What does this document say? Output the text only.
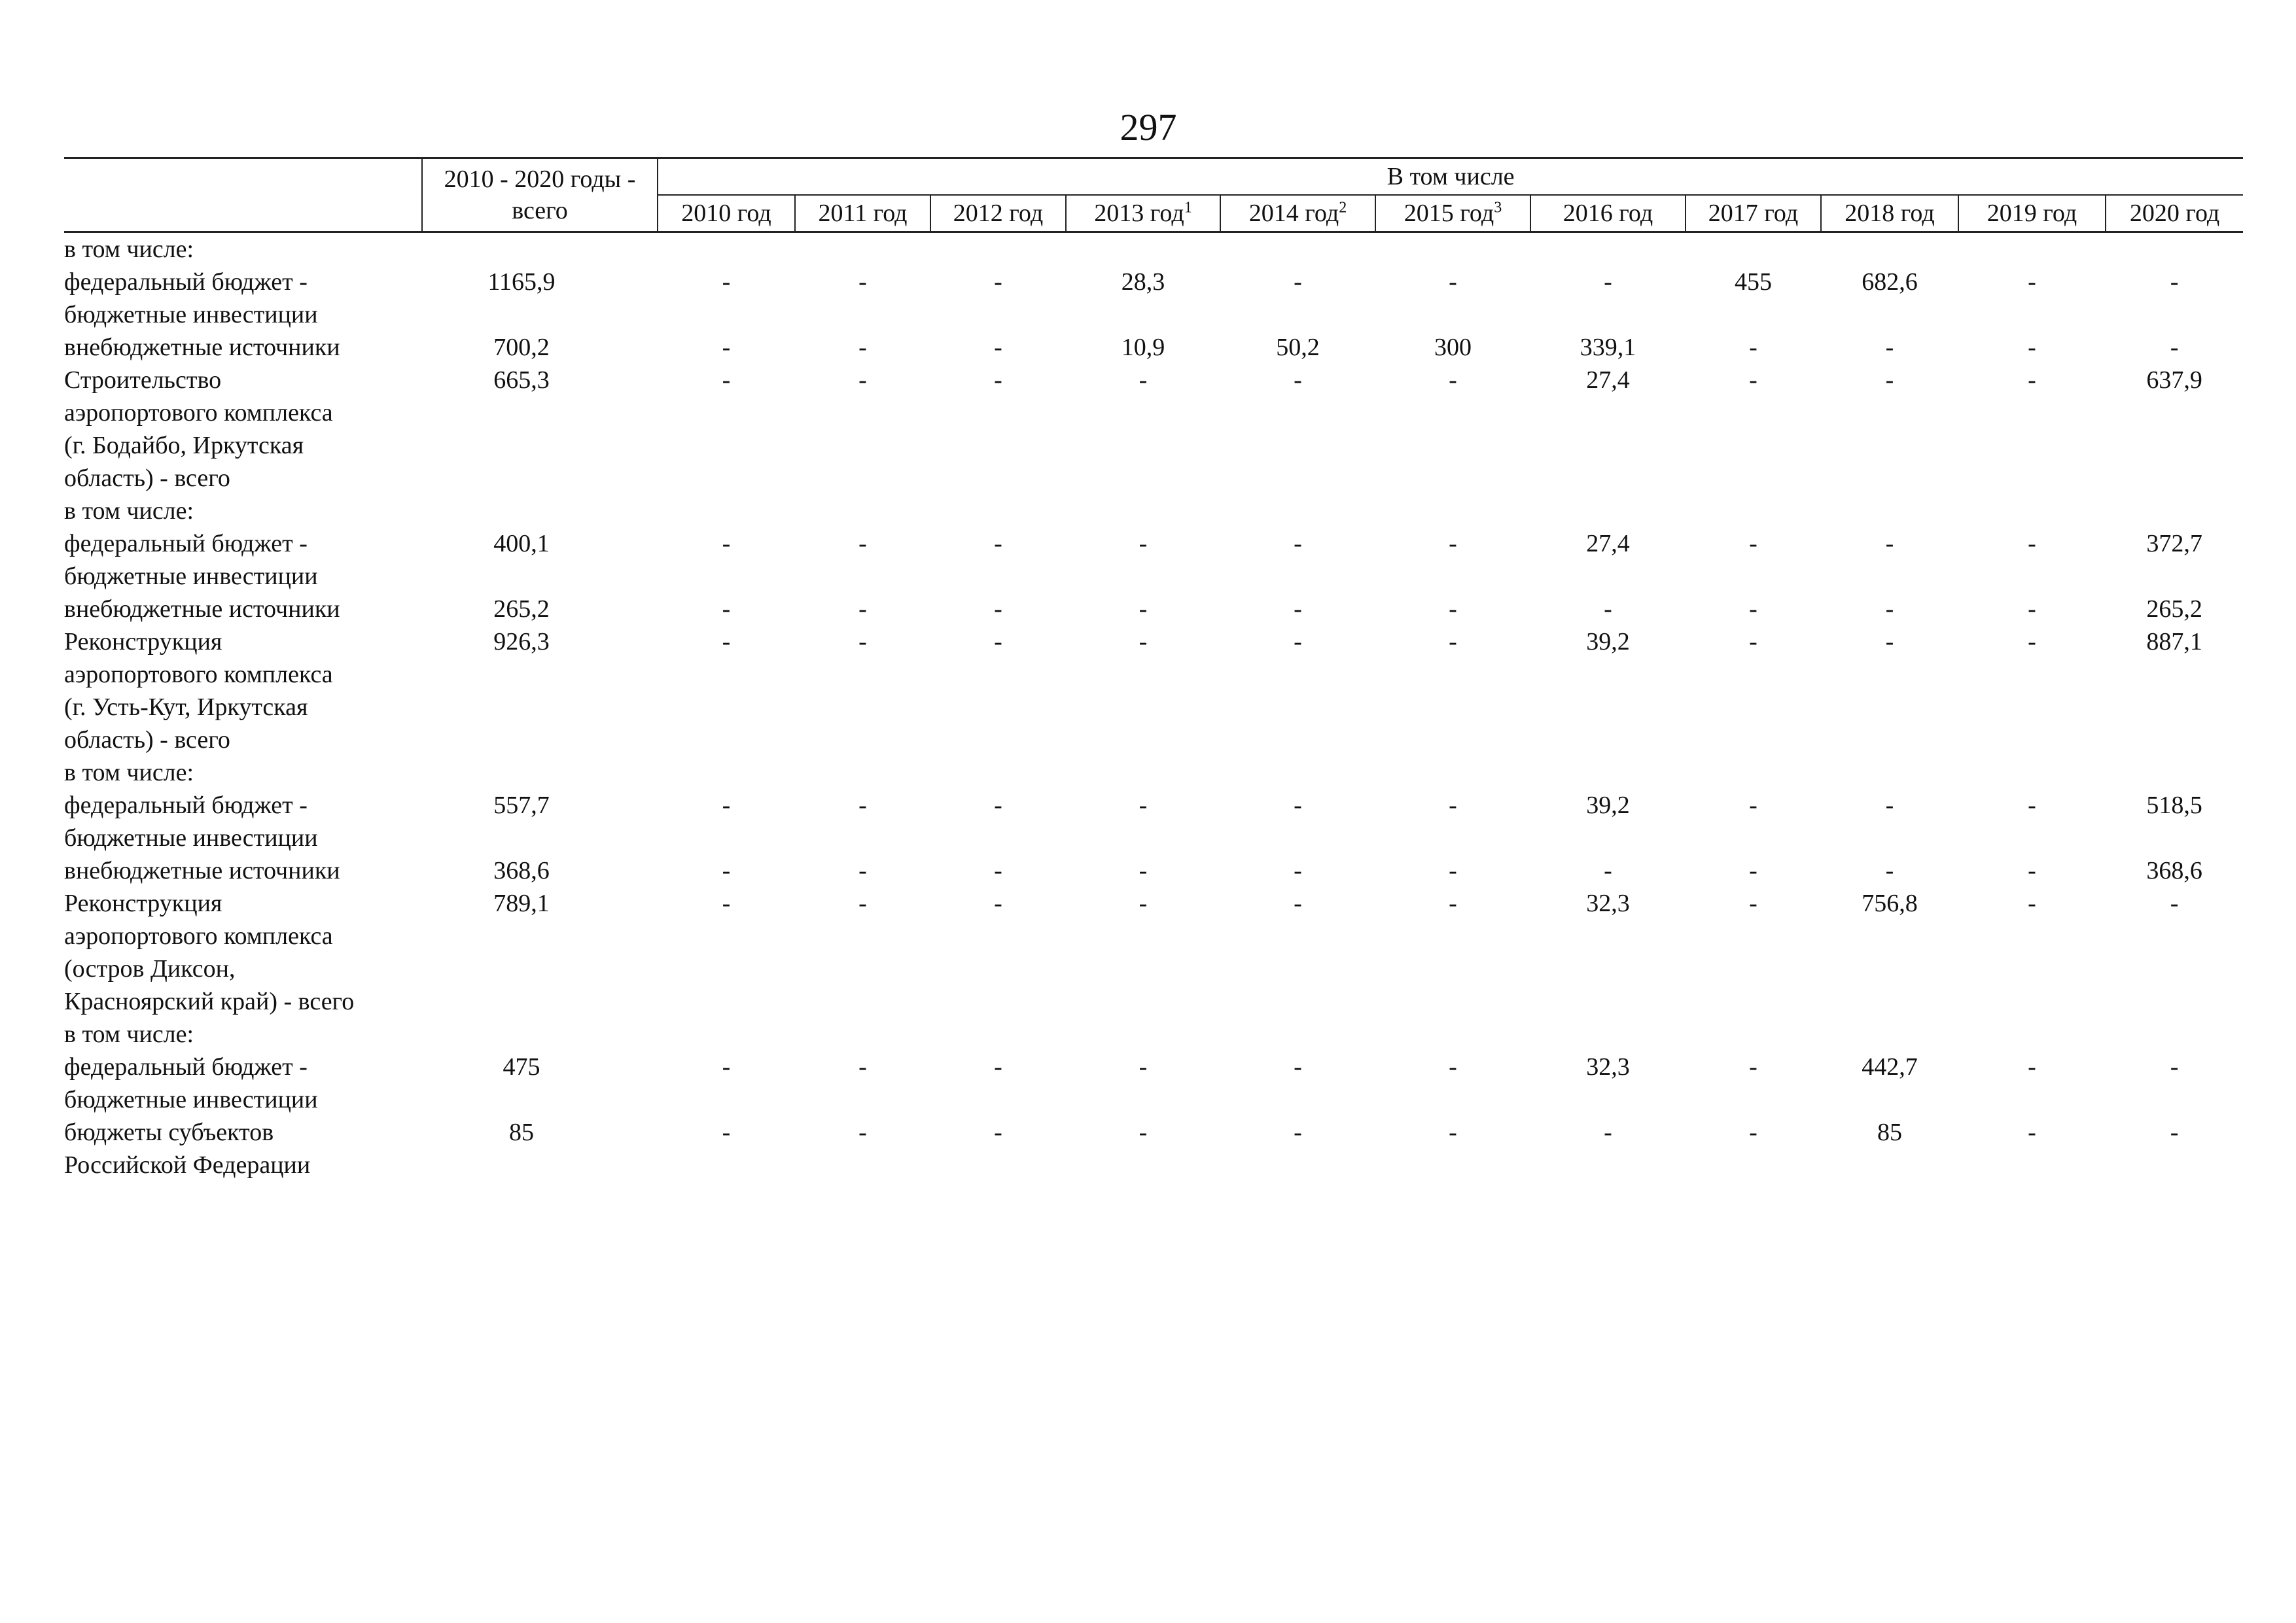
297
	2010 - 2020 годы -
всего	В том числе										
		2010 год	2011 год	2012 год	2013 год$^1$	2014 год$^2$	2015 год$^3$	2016 год	2017 год	2018 год	2019 год	2020 год
в том числе:												
федеральный бюджет -
бюджетные инвестиции	1165,9	-	-	-	28,3	-	-	-	455	682,6	-	-
внебюджетные источники	700,2	-	-	-	10,9	50,2	300	339,1	-	-	-	-
Строительство
аэропортового комплекса
(г. Бодайбо, Иркутская
область) - всего	665,3	-	-	-	-	-	-	27,4	-	-	-	637,9
в том числе:												
федеральный бюджет -
бюджетные инвестиции	400,1	-	-	-	-	-	-	27,4	-	-	-	372,7
внебюджетные источники	265,2	-	-	-	-	-	-	-	-	-	-	265,2
Реконструкция
аэропортового комплекса
(г. Усть-Кут, Иркутская
область) - всего	926,3	-	-	-	-	-	-	39,2	-	-	-	887,1
в том числе:												
федеральный бюджет -
бюджетные инвестиции	557,7	-	-	-	-	-	-	39,2	-	-	-	518,5
внебюджетные источники	368,6	-	-	-	-	-	-	-	-	-	-	368,6
Реконструкция
аэропортового комплекса
(остров Диксон,
Красноярский край) - всего	789,1	-	-	-	-	-	-	32,3	-	756,8	-	-
в том числе:												
федеральный бюджет -
бюджетные инвестиции	475	-	-	-	-	-	-	32,3	-	442,7	-	-
бюджеты субъектов
Российской Федерации	85	-	-	-	-	-	-	-	-	85	-	-
